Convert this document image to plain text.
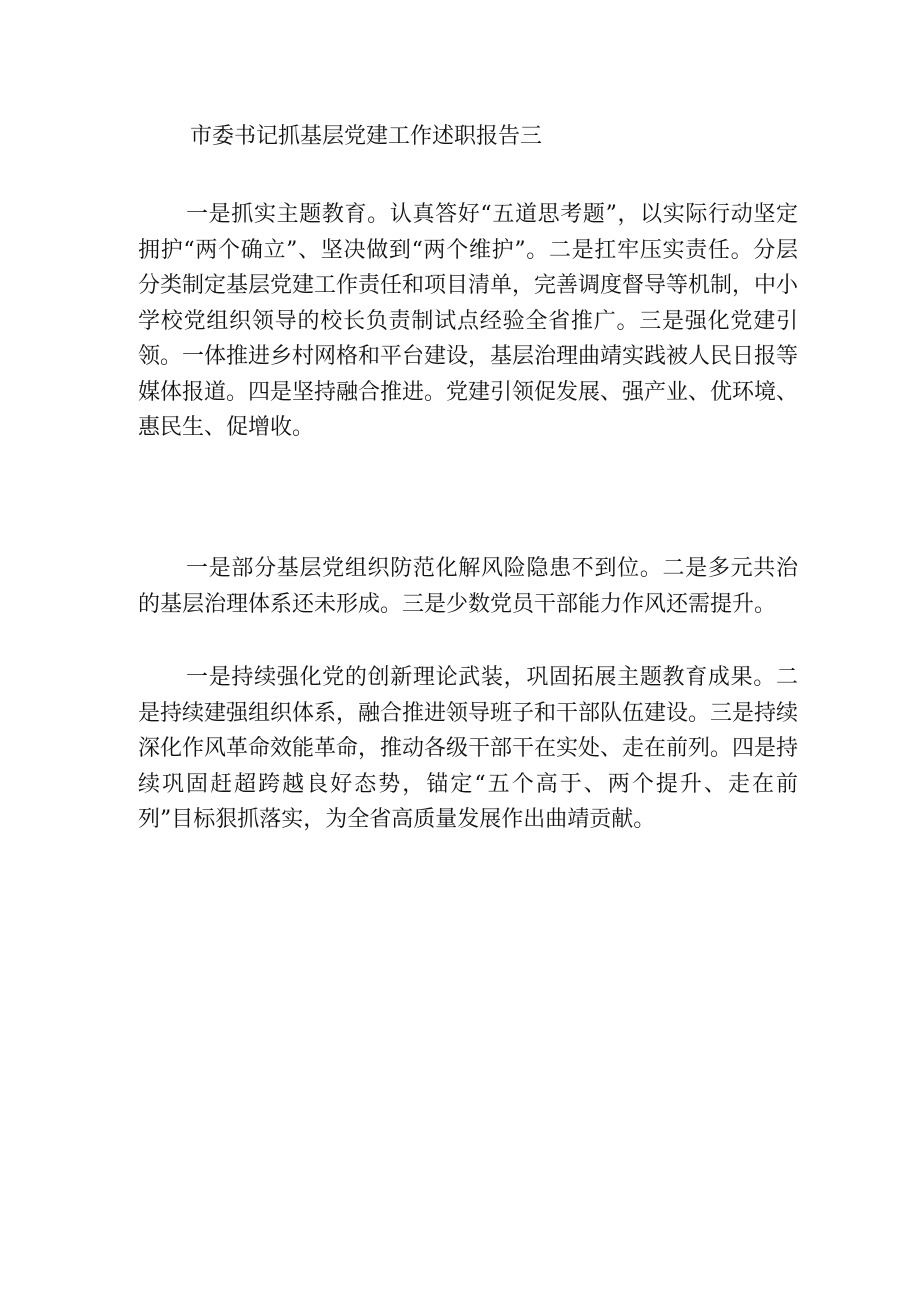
市委书记抓基层党建工作述职报告三

一是抓实主题教育。认真答好“五道思考题”，以实际行动坚定拥护“两个确立”、坚决做到“两个维护”。二是扛牢压实责任。分层分类制定基层党建工作责任和项目清单，完善调度督导等机制，中小学校党组织领导的校长负责制试点经验全省推广。三是强化党建引领。一体推进乡村网格和平台建设，基层治理曲靖实践被人民日报等媒体报道。四是坚持融合推进。党建引领促发展、强产业、优环境、惠民生、促增收。

一是部分基层党组织防范化解风险隐患不到位。二是多元共治的基层治理体系还未形成。三是少数党员干部能力作风还需提升。

一是持续强化党的创新理论武装，巩固拓展主题教育成果。二是持续建强组织体系，融合推进领导班子和干部队伍建设。三是持续深化作风革命效能革命，推动各级干部干在实处、走在前列。四是持续巩固赶超跨越良好态势，锚定“五个高于、两个提升、走在前列”目标狠抓落实，为全省高质量发展作出曲靖贡献。
